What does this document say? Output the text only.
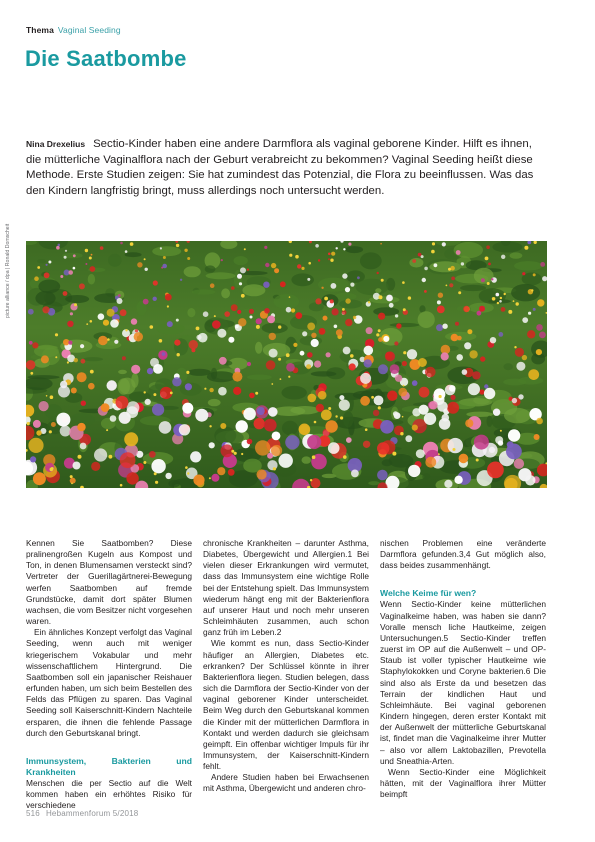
Thema Vaginal Seeding
Die Saatbombe
Nina Drexelius Sectio-Kinder haben eine andere Darmflora als vaginal geborene Kinder. Hilft es ihnen, die mütterliche Vaginalflora nach der Geburt verabreicht zu bekommen? Vaginal Seeding heißt diese Methode. Erste Studien zeigen: Sie hat zumindest das Potenzial, die Flora zu beeinflussen. Was das den Kindern langfristig bringt, muss allerdings noch untersucht werden.
picture alliance / dpa | Ronald Domscheit

Kennen Sie Saatbomben? Diese pralinengroßen Kugeln aus Kompost und Ton, in denen Blumensamen versteckt sind? Vertreter der Guerillagärtnerei-Bewegung werfen Saatbomben auf fremde Grundstücke, damit dort später Blumen wachsen, die vom Besitzer nicht vorgesehen waren.

Ein ähnliches Konzept verfolgt das Vaginal Seeding, wenn auch mit weniger kriegerischem Vokabular und mehr wissenschaftlichem Hintergrund. Die Saatbomben soll ein japanischer Reishauer erfunden haben, um sich beim Bestellen des Felds das Pflügen zu sparen. Das Vaginal Seeding soll Kaiserschnitt-Kindern Nachteile ersparen, die ihnen die fehlende Passage durch den Geburtskanal bringt.

Immunsystem, Bakterien und Krankheiten

Menschen die per Sectio auf die Welt kommen haben ein erhöhtes Risiko für verschiedene

chronische Krankheiten – darunter Asthma, Diabetes, Übergewicht und Allergien.1 Bei vielen dieser Erkrankungen wird vermutet, dass das Immunsystem eine wichtige Rolle bei der Entstehung spielt. Das Immunsystem wiederum hängt eng mit der Bakterienflora auf unserer Haut und noch mehr unseren Schleimhäuten zusammen, auch schon ganz früh im Leben.2

Wie kommt es nun, dass Sectio-Kinder häufiger an Allergien, Diabetes etc. erkranken? Der Schlüssel könnte in ihrer Bakterienflora liegen. Studien belegen, dass sich die Darmflora der Sectio-Kinder von der vaginal geborener Kinder unterscheidet. Beim Weg durch den Geburtskanal kommen die Kinder mit der mütterlichen Darmflora in Kontakt und werden dadurch sie gleichsam geimpft. Ein offenbar wichtiger Impuls für ihr Immunsystem, der Kaiserschnitt-Kindern fehlt.

Andere Studien haben bei Erwachsenen mit Asthma, Übergewicht und anderen chro-

nischen Problemen eine veränderte Darmflora gefunden.3,4 Gut möglich also, dass beides zusammenhängt.

Welche Keime für wen?

Wenn Sectio-Kinder keine mütterlichen Vaginalkeime haben, was haben sie dann? Voralle mensch liche Hautkeime, zeigen Untersuchungen.5 Sectio-Kinder treffen zuerst im OP auf die Außenwelt – und OP-Staub ist voller typischer Hautkeime wie Staphylokokken und Coryne bakterien.6 Die sind also als Erste da und besetzen das Terrain der kindlichen Haut und Schleimhäute. Bei vaginal geborenen Kindern hingegen, deren erster Kontakt mit der Außenwelt der mütterliche Geburtskanal ist, findet man die Vaginalkeime ihrer Mutter – also vor allem Laktobazillen, Prevotella und Sneathia-Arten.

Wenn Sectio-Kinder eine Möglichkeit hätten, mit der Vaginalflora ihrer Mütter beimpft

516 Hebammenforum 5/2018
